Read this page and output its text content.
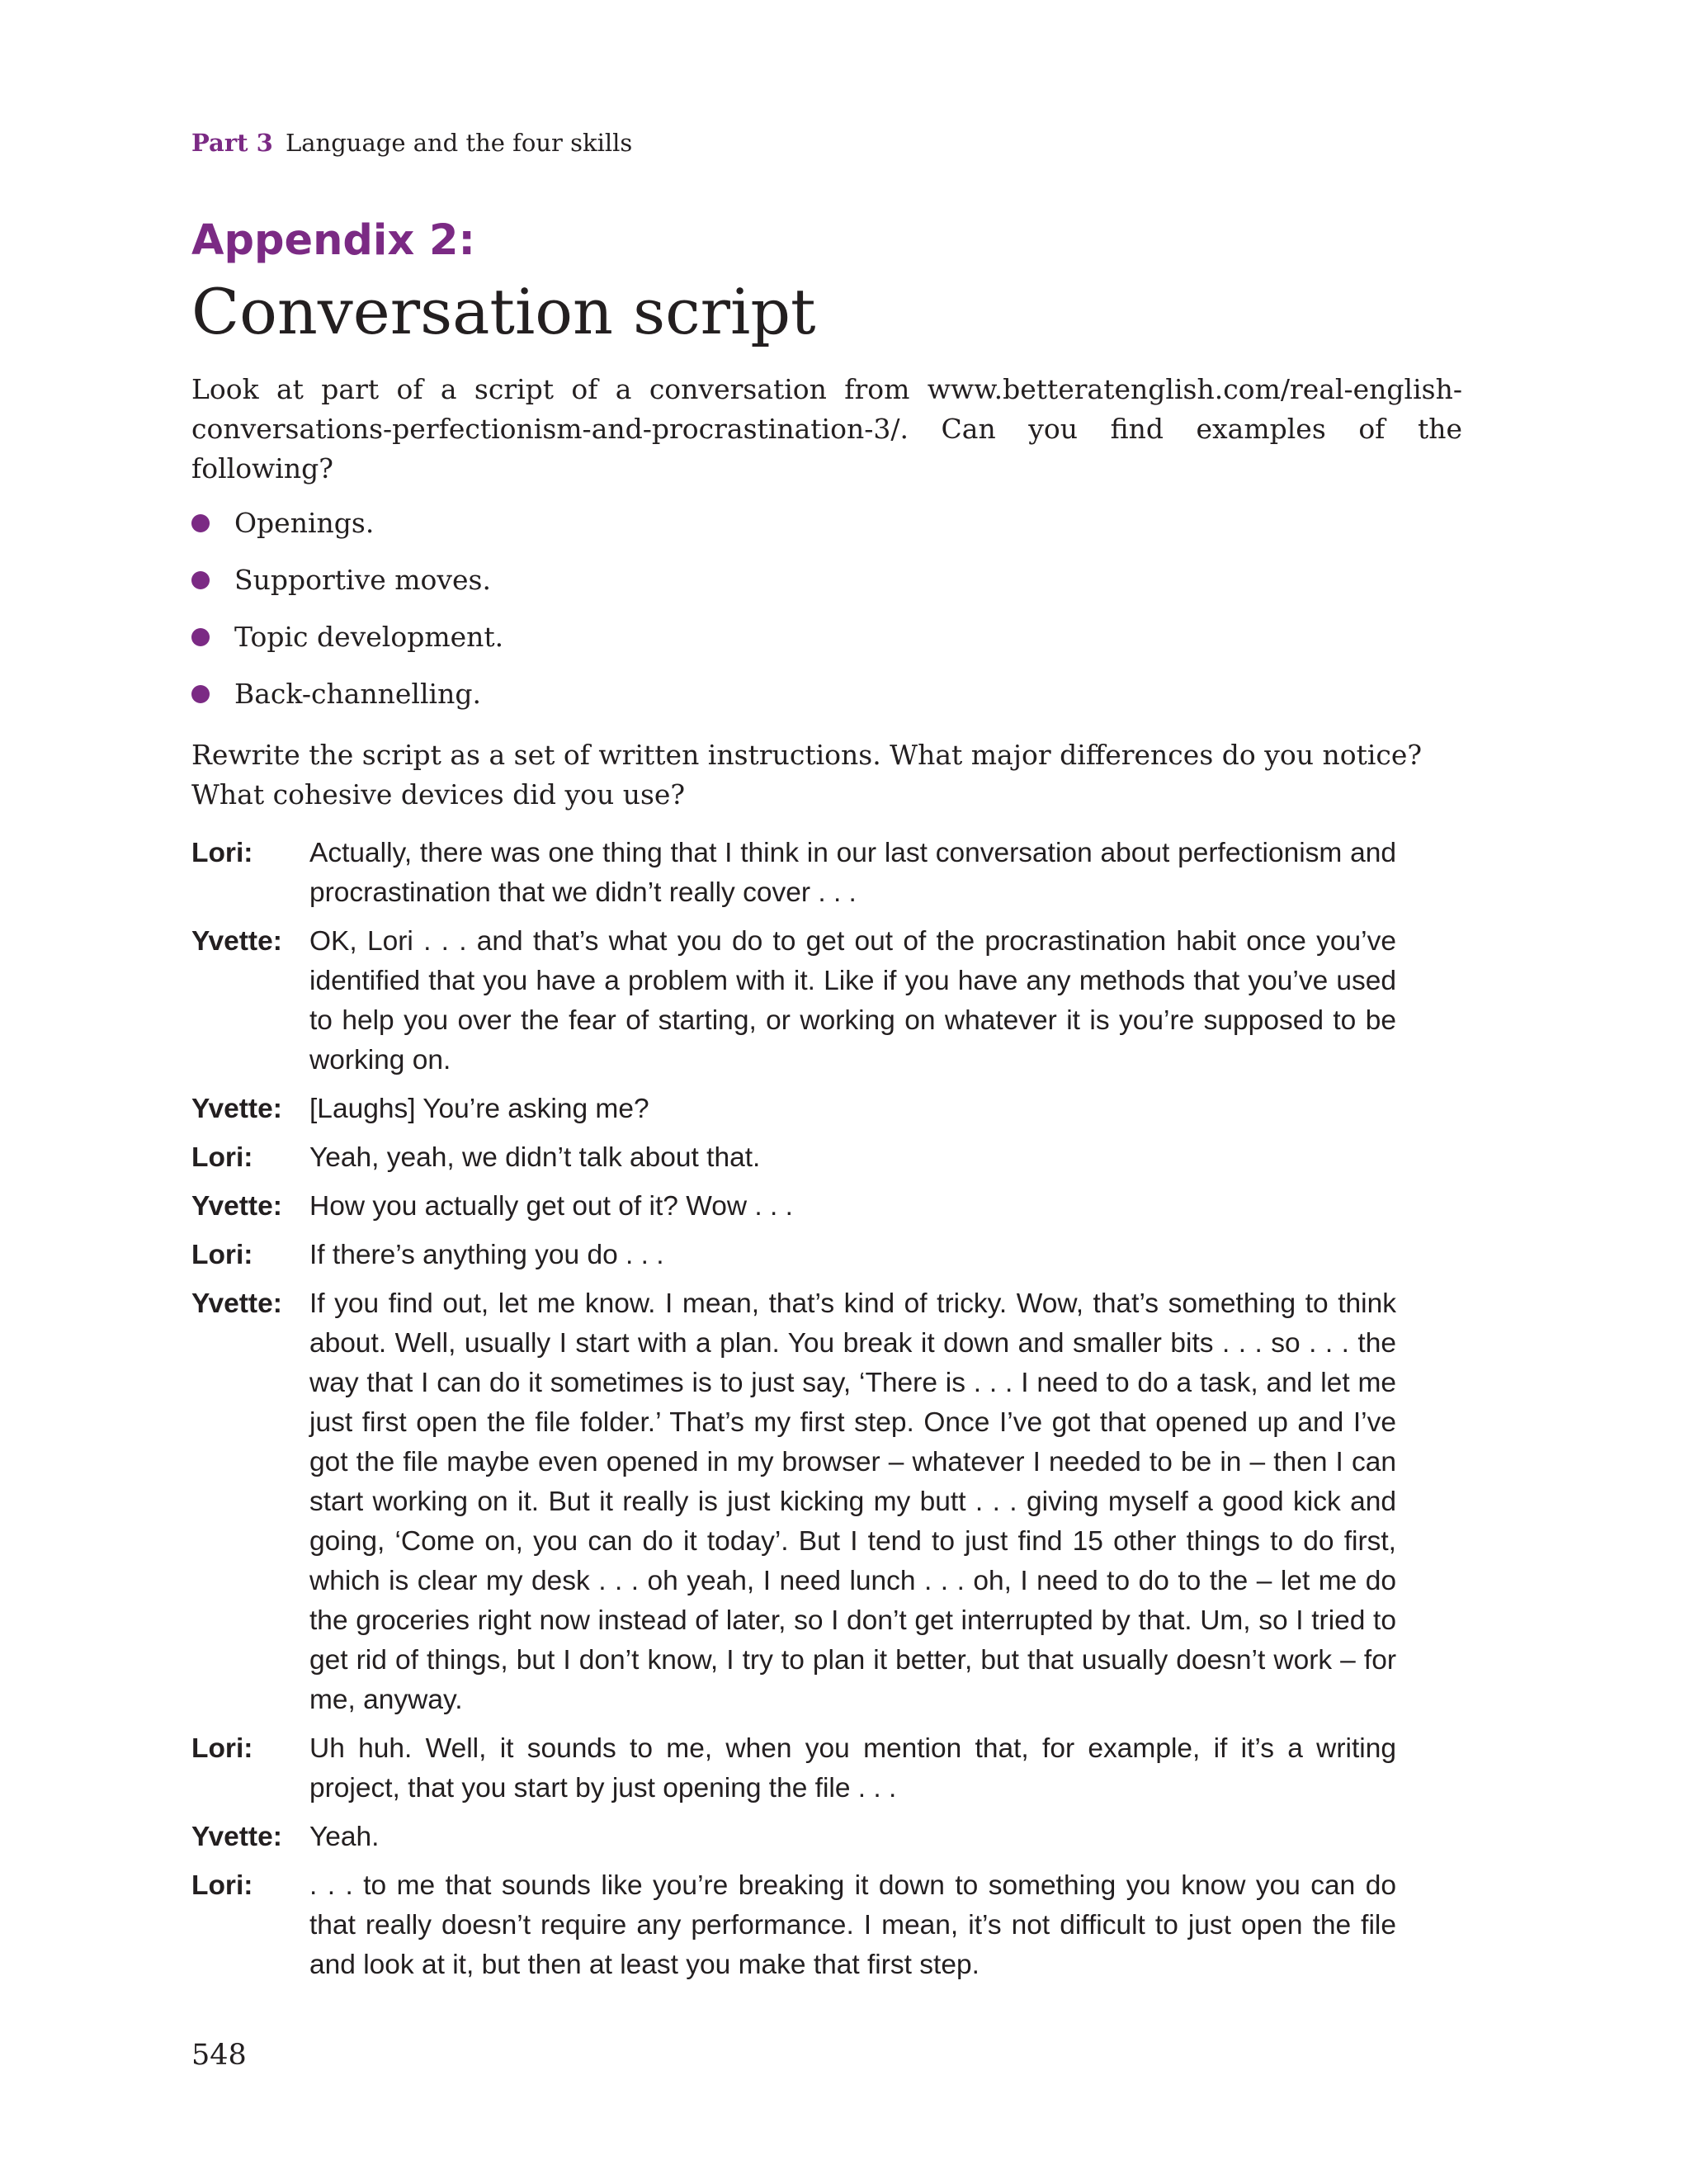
Part 3 Language and the four skills
Appendix 2:
Conversation script

Look at part of a script of a conversation from www.betteratenglish.com/real-english-conversations-perfectionism-and-procrastination-3/. Can you find examples of the following?

Openings.
Supportive moves.
Topic development.
Back-channelling.

Rewrite the script as a set of written instructions. What major differences do you notice? What cohesive devices did you use?

Lori:	Actually, there was one thing that I think in our last conversation about perfectionism and procrastination that we didn’t really cover . . .
Yvette: OK, Lori . . . and that’s what you do to get out of the procrastination habit once you’ve identified that you have a problem with it. Like if you have any methods that you’ve used to help you over the fear of starting, or working on whatever it is you’re supposed to be working on.
Yvette: [Laughs] You’re asking me?
Lori:	Yeah, yeah, we didn’t talk about that.
Yvette: How you actually get out of it? Wow . . .
Lori:	If there’s anything you do . . .
Yvette: If you find out, let me know. I mean, that’s kind of tricky. Wow, that’s something to think about. Well, usually I start with a plan. You break it down and smaller bits . . . so . . . the way that I can do it sometimes is to just say, ‘There is . . . I need to do a task, and let me just first open the file folder.’ That’s my first step. Once I’ve got that opened up and I’ve got the file maybe even opened in my browser – whatever I needed to be in – then I can start working on it. But it really is just kicking my butt . . . giving myself a good kick and going, ‘Come on, you can do it today’. But I tend to just find 15 other things to do first, which is clear my desk . . . oh yeah, I need lunch . . . oh, I need to do to the – let me do the groceries right now instead of later, so I don’t get interrupted by that. Um, so I tried to get rid of things, but I don’t know, I try to plan it better, but that usually doesn’t work – for me, anyway.
Lori:	Uh huh. Well, it sounds to me, when you mention that, for example, if it’s a writing project, that you start by just opening the file . . .
Yvette: Yeah.
Lori:	. . . to me that sounds like you’re breaking it down to something you know you can do that really doesn’t require any performance. I mean, it’s not difficult to just open the file and look at it, but then at least you make that first step.
548
